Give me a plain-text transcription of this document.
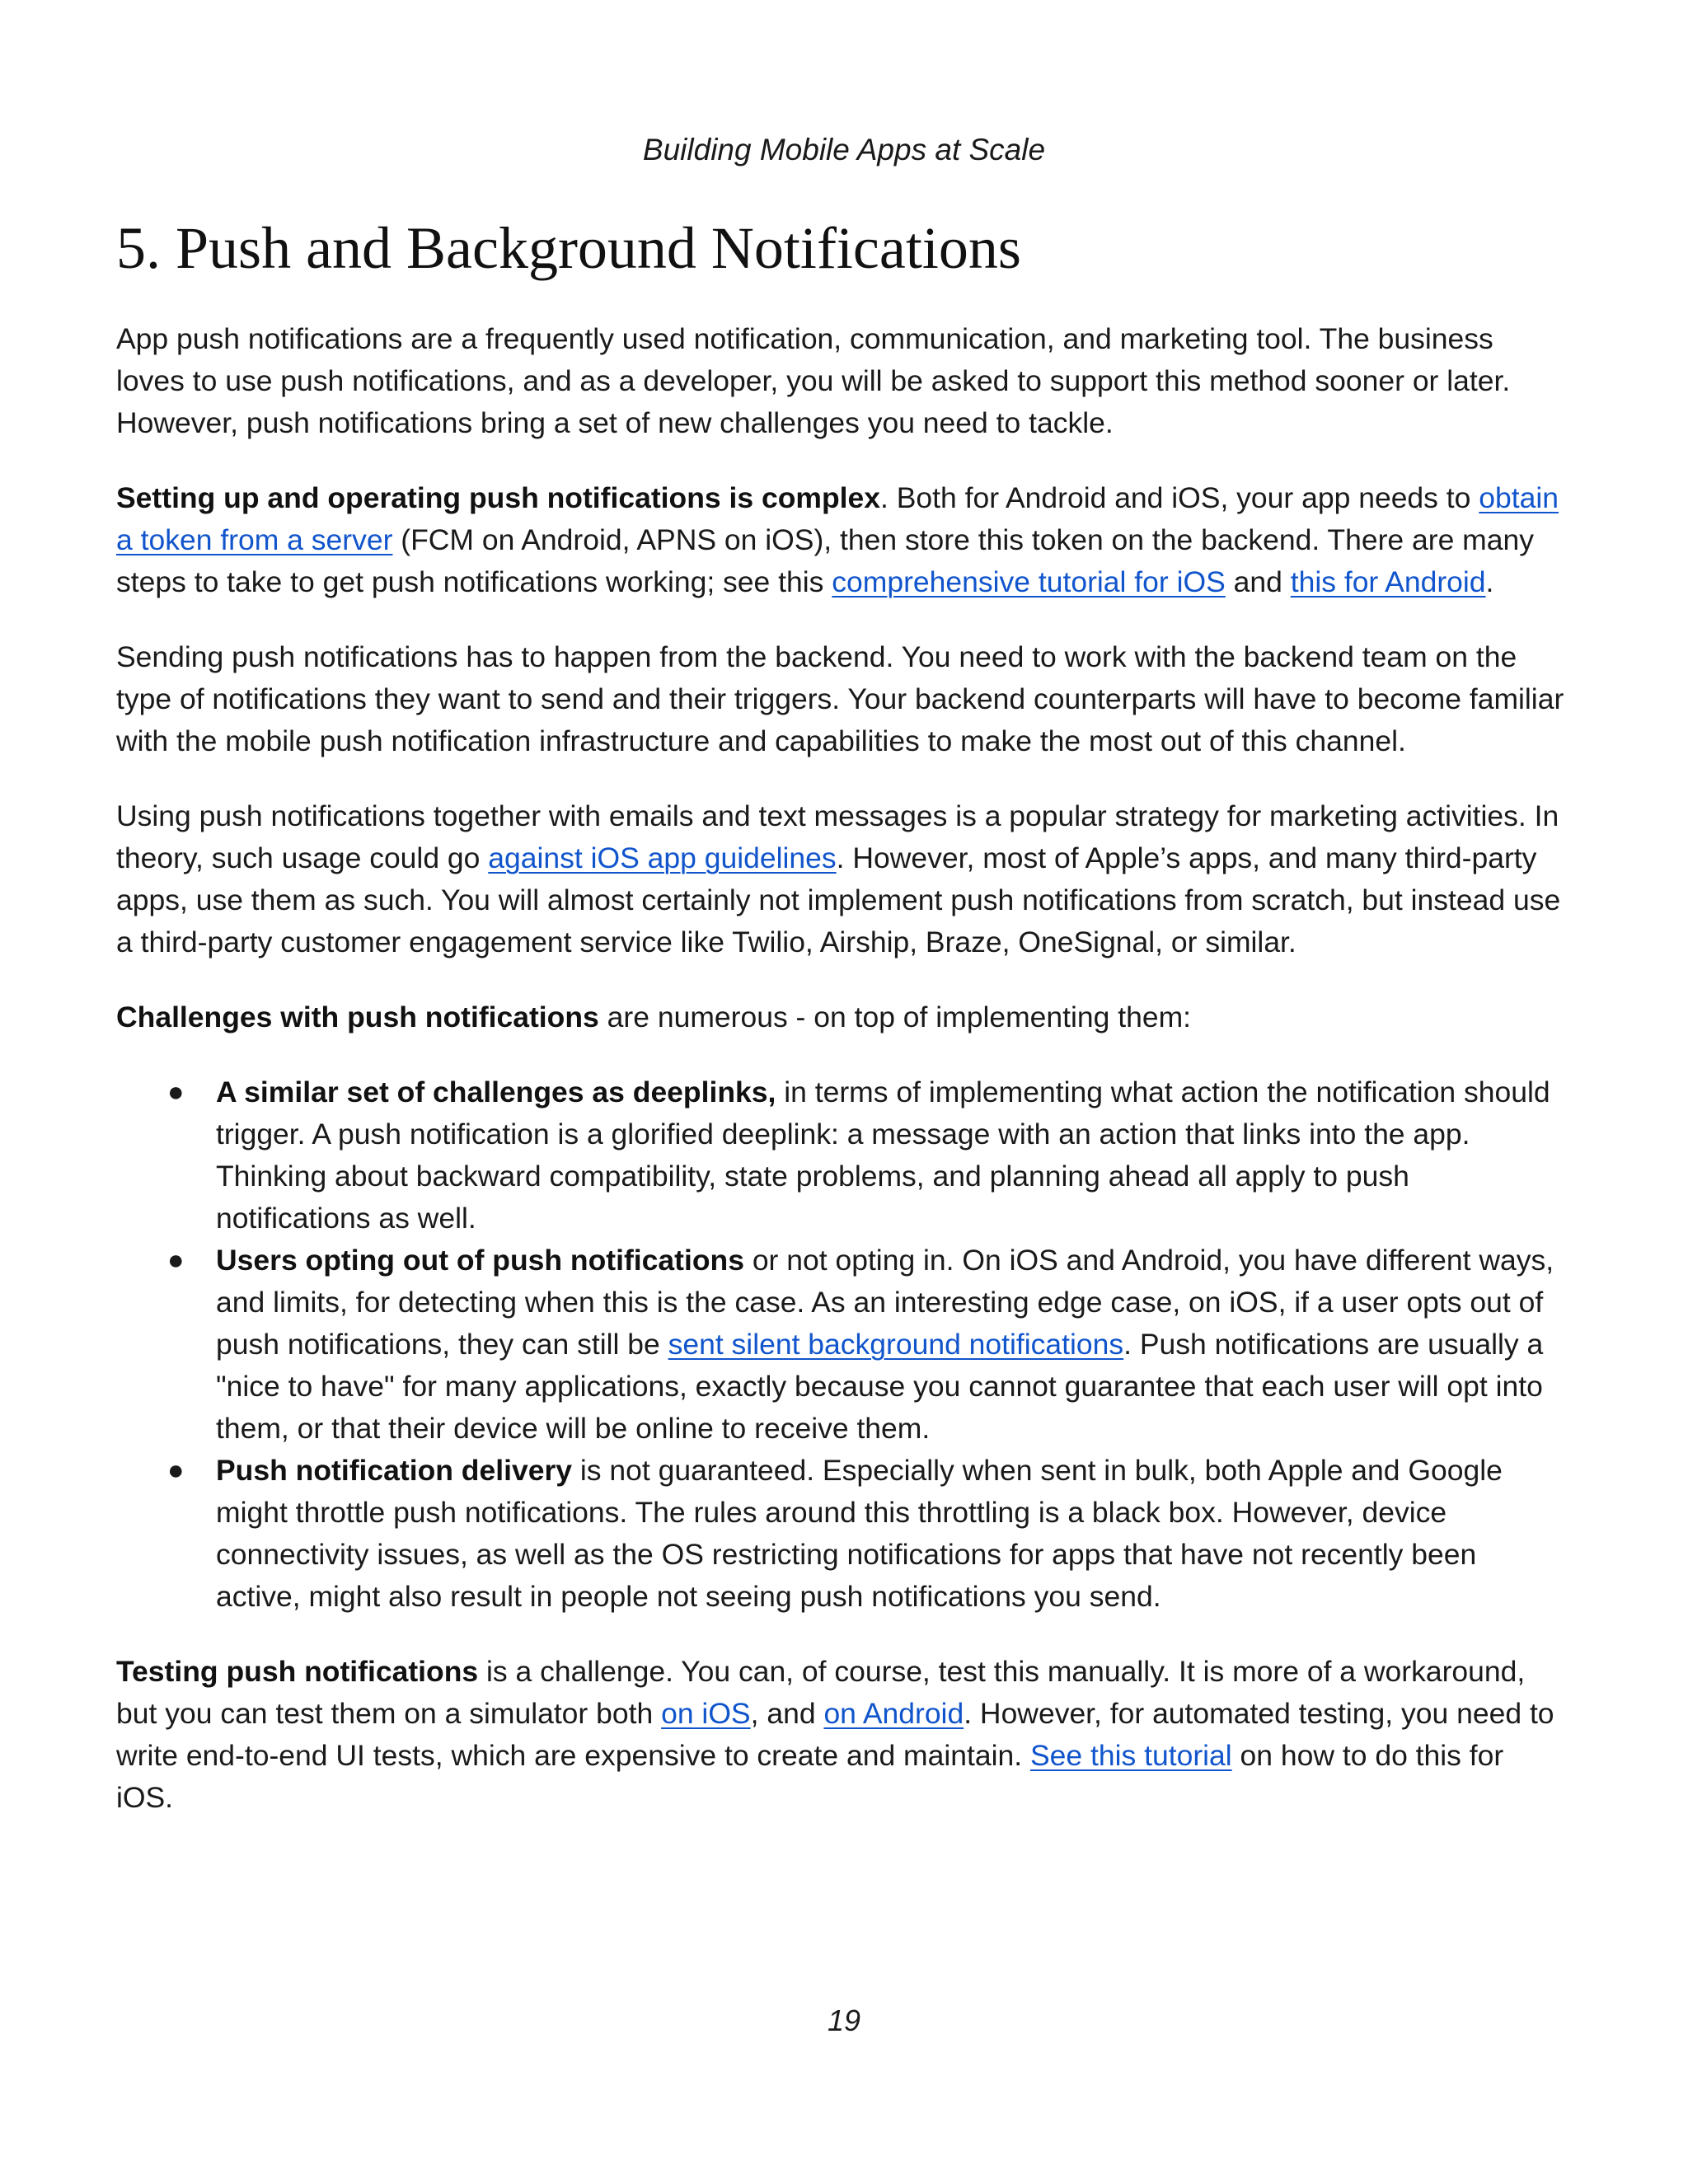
Building Mobile Apps at Scale
5. Push and Background Notifications

App push notifications are a frequently used notification, communication, and marketing tool. The business loves to use push notifications, and as a developer, you will be asked to support this method sooner or later. However, push notifications bring a set of new challenges you need to tackle.

Setting up and operating push notifications is complex. Both for Android and iOS, your app needs to obtain a token from a server (FCM on Android, APNS on iOS), then store this token on the backend. There are many steps to take to get push notifications working; see this comprehensive tutorial for iOS and this for Android.

Sending push notifications has to happen from the backend. You need to work with the backend team on the type of notifications they want to send and their triggers. Your backend counterparts will have to become familiar with the mobile push notification infrastructure and capabilities to make the most out of this channel.

Using push notifications together with emails and text messages is a popular strategy for marketing activities. In theory, such usage could go against iOS app guidelines. However, most of Apple’s apps, and many third-party apps, use them as such. You will almost certainly not implement push notifications from scratch, but instead use a third-party customer engagement service like Twilio, Airship, Braze, OneSignal, or similar.

Challenges with push notifications are numerous - on top of implementing them:

● A similar set of challenges as deeplinks, in terms of implementing what action the notification should trigger. A push notification is a glorified deeplink: a message with an action that links into the app. Thinking about backward compatibility, state problems, and planning ahead all apply to push notifications as well.
● Users opting out of push notifications or not opting in. On iOS and Android, you have different ways, and limits, for detecting when this is the case. As an interesting edge case, on iOS, if a user opts out of push notifications, they can still be sent silent background notifications. Push notifications are usually a "nice to have" for many applications, exactly because you cannot guarantee that each user will opt into them, or that their device will be online to receive them.
● Push notification delivery is not guaranteed. Especially when sent in bulk, both Apple and Google might throttle push notifications. The rules around this throttling is a black box. However, device connectivity issues, as well as the OS restricting notifications for apps that have not recently been active, might also result in people not seeing push notifications you send.

Testing push notifications is a challenge. You can, of course, test this manually. It is more of a workaround, but you can test them on a simulator both on iOS, and on Android. However, for automated testing, you need to write end-to-end UI tests, which are expensive to create and maintain. See this tutorial on how to do this for iOS.

19
